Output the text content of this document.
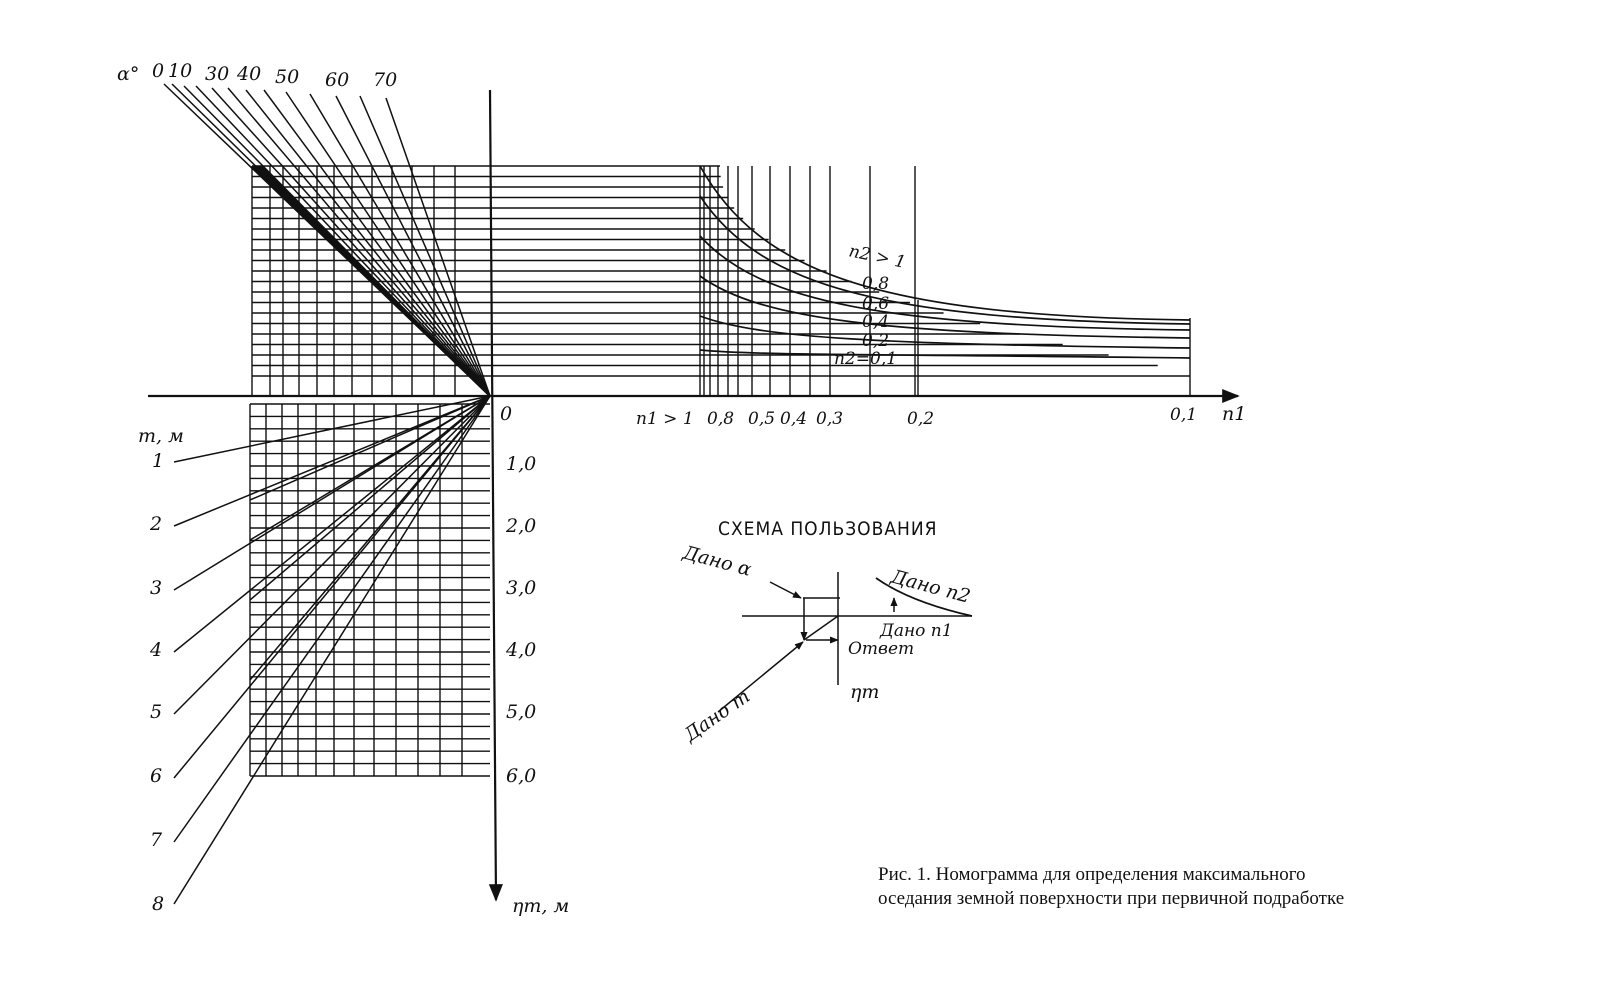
α° 0 10 30 40 50 60 70
m, м
1
2
3
4
5
6
7
8
0
1,0
2,0
3,0
4,0
5,0
6,0
ηm, м
n1 > 1 0,8 0,5 0,4 0,3	0,2	0,1 n1
n2 > 1
0,8
0,6
0,4
0,2
n2=0,1
СХЕМА ПОЛЬЗОВАНИЯ
Дано α
Дано n2
Дано n1
Ответ
Дано m	ηm
Рис. 1. Номограмма для определения максимального
оседания земной поверхности при первичной подработке
